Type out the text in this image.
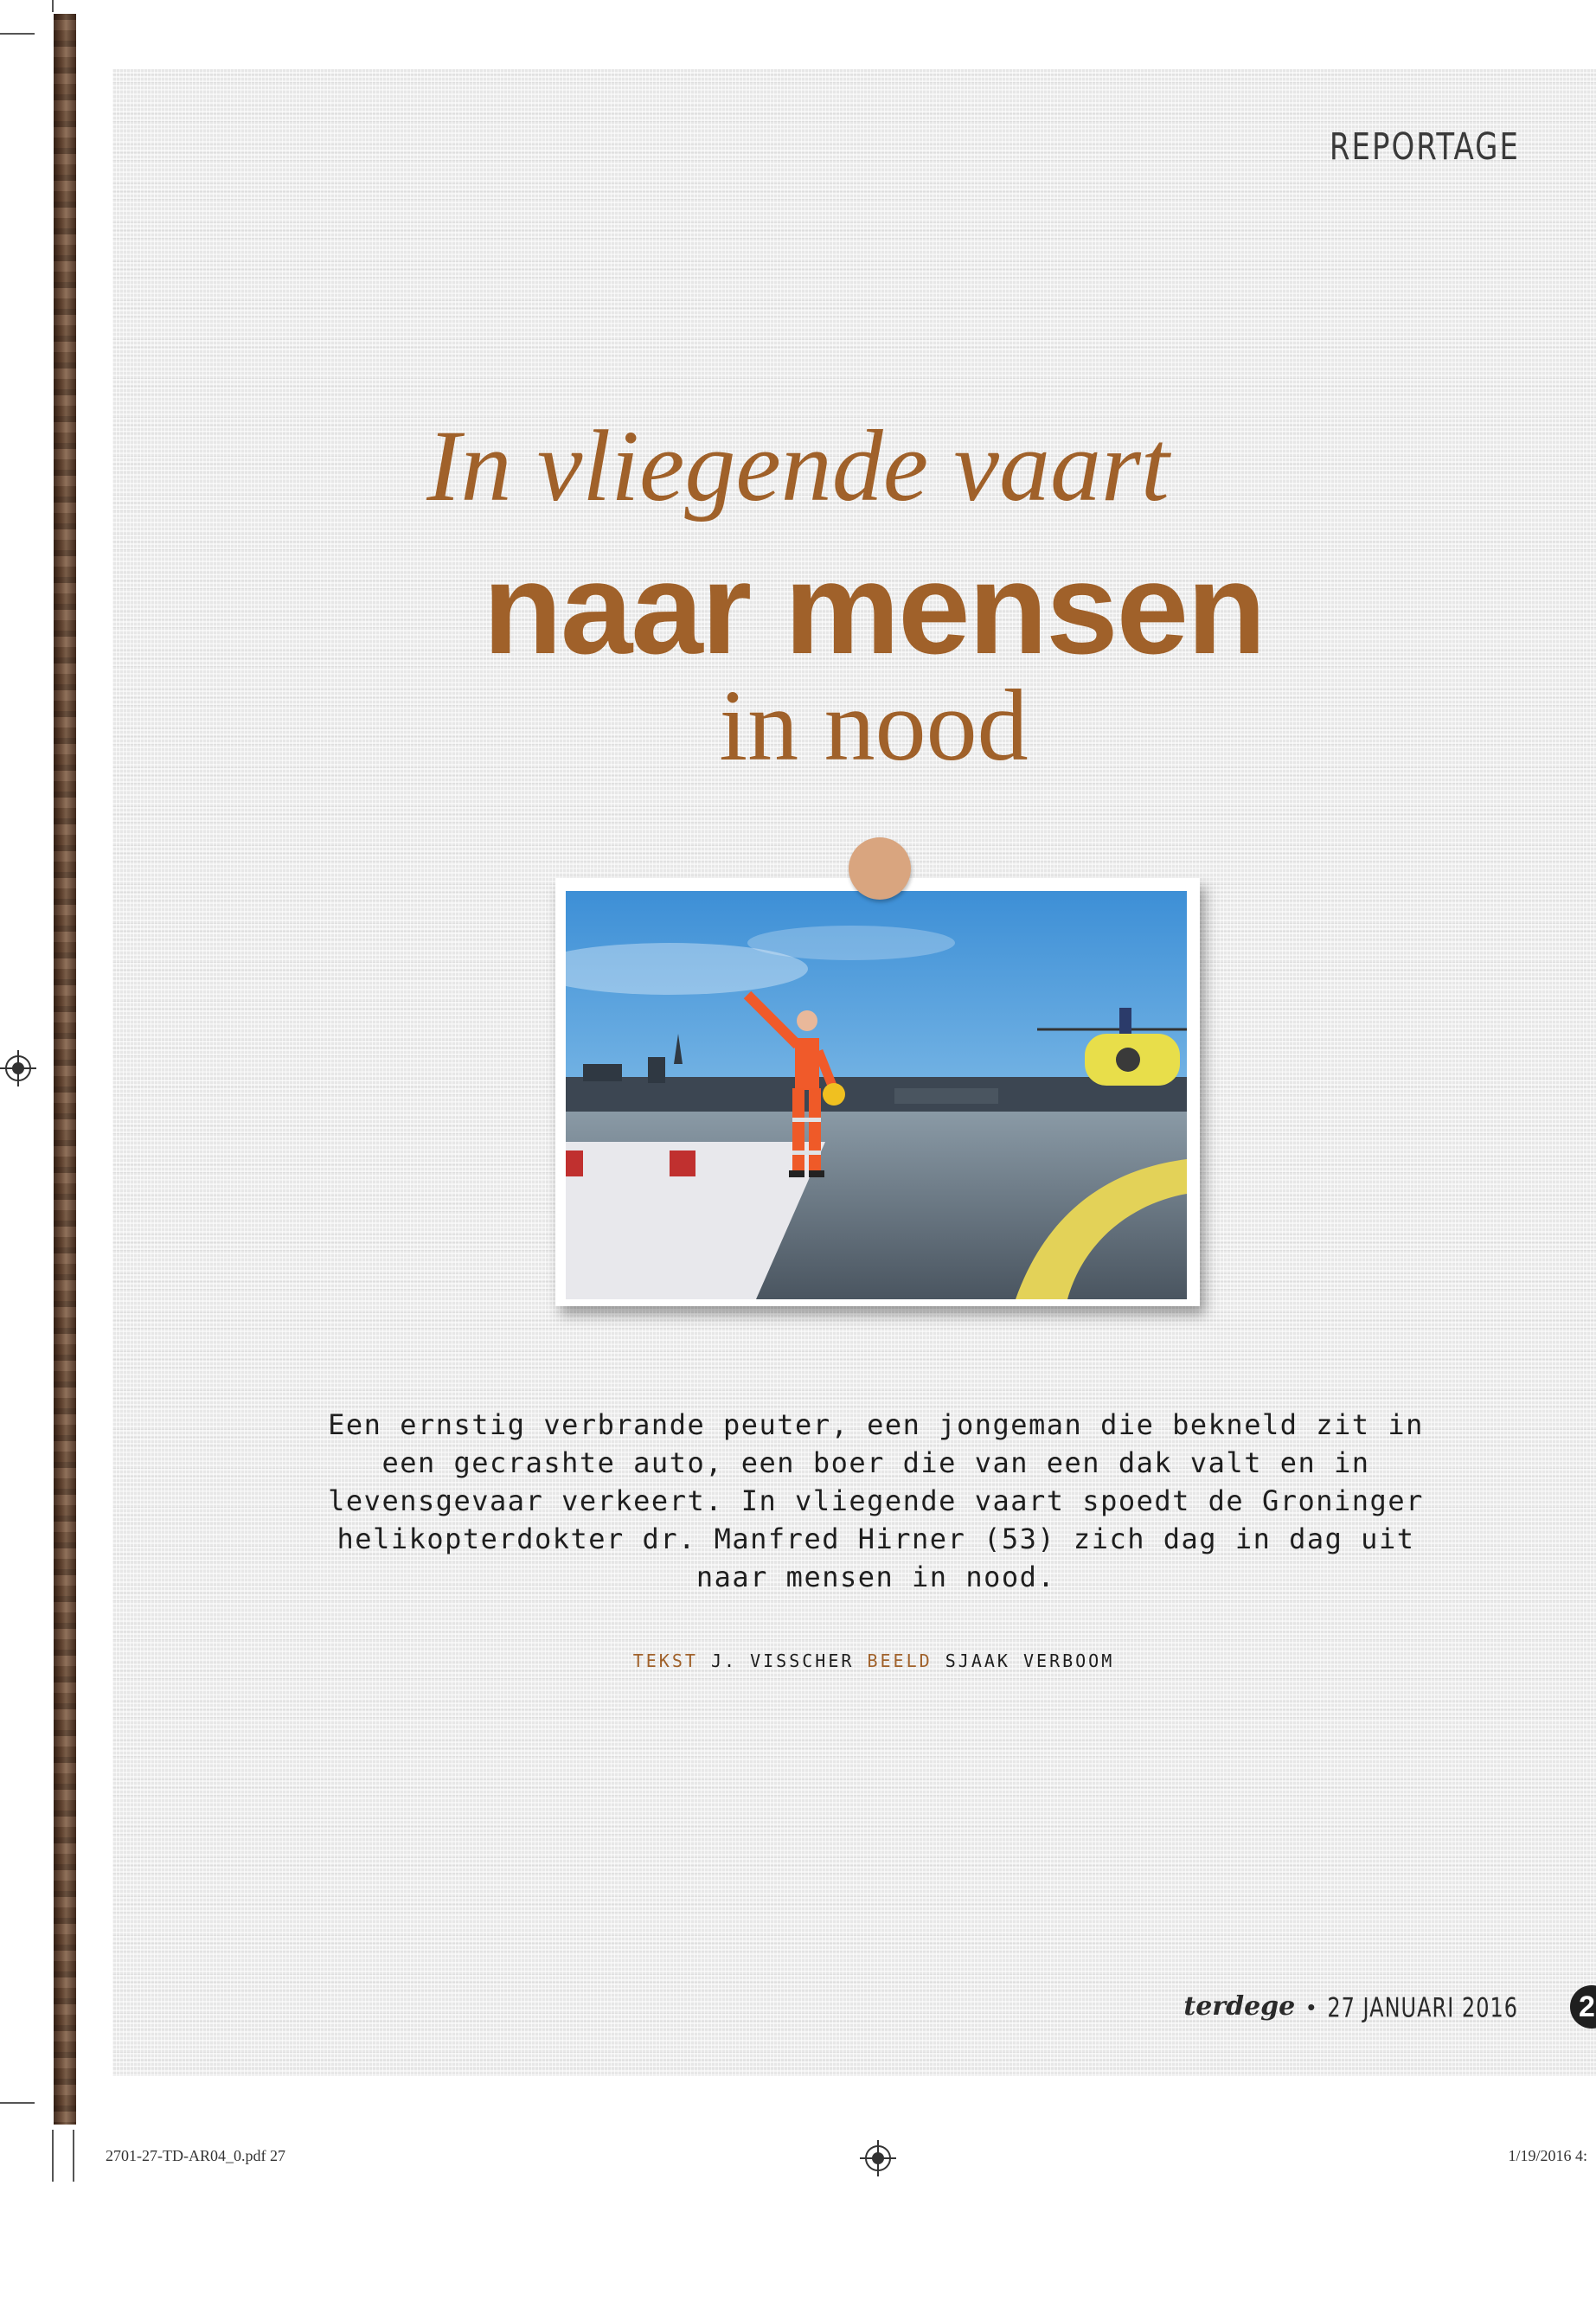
REPORTAGE
In vliegende vaart
naar mensen
in nood
Een ernstig verbrande peuter, een jongeman die bekneld zit in een gecrashte auto, een boer die van een dak valt en in levensgevaar verkeert. In vliegende vaart spoedt de Groninger helikopterdokter dr. Manfred Hirner (53) zich dag in dag uit naar mensen in nood.
TEKST J. VISSCHER BEELD SJAAK VERBOOM
terdege • 27 JANUARI 2016 2
2701-27-TD-AR04_0.pdf 27	1/19/2016 4:
